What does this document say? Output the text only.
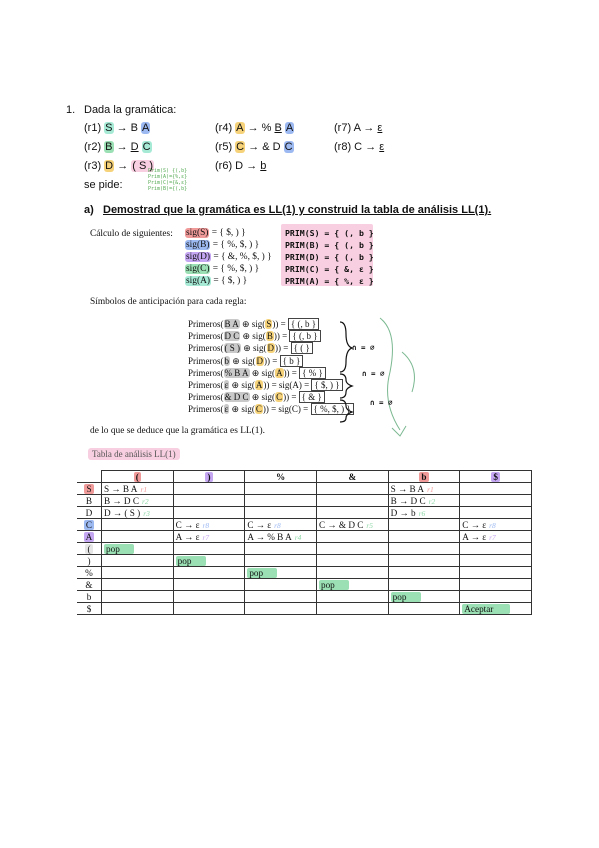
1. Dada la gramática:
(r1) S → B A
(r2) B → D C
(r3) D → ( S )
(r4) A → % B A
(r5) C → & D C
(r6) D → b
(r7) A → ε
(r8) C → ε
Prim(S) {(,b}
Prim(A)={%,ε}
Prim(C)={&,ε}
Prim(B)={(,b}
se pide:
a) Demostrad que la gramática es LL(1) y construid la tabla de análisis LL(1).
Cálculo de siguientes: sig(S) = { $, ) }
sig(B) = { %, $, ) }
sig(D) = { &, %, $, ) }
sig(C) = { %, $, ) }
sig(A) = { $, ) }
PRIM(S) = { (, b }
PRIM(B) = { (, b }
PRIM(D) = { (, b }
PRIM(C) = { &, ε }
PRIM(A) = { %, ε }
Símbolos de anticipación para cada regla:
Primeros(B A ⊕ sig(S)) = { (, b }
Primeros(D C ⊕ sig(B)) = { (, b }
Primeros(( S ) ⊕ sig(D)) = { ( }
Primeros(b ⊕ sig(D)) = { b }
Primeros(% B A ⊕ sig(A)) = { % }
Primeros(ε ⊕ sig(A)) = sig(A) = { $, ) }
Primeros(& D C ⊕ sig(C)) = { & }
Primeros(ε ⊕ sig(C)) = sig(C) = { %, $, ) }
∩ = ∅
∩ = ∅
∩ = ∅
de lo que se deduce que la gramática es LL(1).
Tabla de análisis LL(1)
	(	)	%	&	b	$
S	S → B A r1				S → B A r1	
B	B → D C r2				B → D C r2	
D	D → ( S ) r3				D → b r6	
C		C → ε r8	C → ε r8	C → & D C r5		C → ε r8
A		A → ε r7	A → % B A r4			A → ε r7
(	pop					

)		pop				

%			pop			

&				pop		

b					pop	

$						Aceptar
